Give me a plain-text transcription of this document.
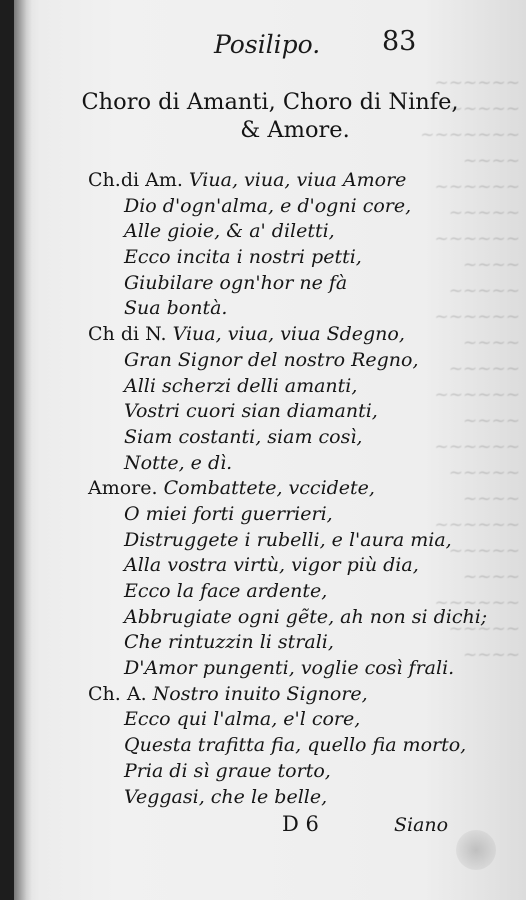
~~~~~~
~~~~~
~~~~~~~
~~~~
~~~~~~
~~~~~
~~~~~~
~~~~
~~~~~
~~~~~~
~~~~
~~~~~
~~~~~~
~~~~
~~~~~~
~~~~~
~~~~
~~~~~~
~~~~~
~~~~
~~~~~~
~~~~~
~~~~
Posilipo. 83
Choro di Amanti, Choro di Ninfe,
& Amore.
Ch.di Am. Viua, viua, viua Amore
Dio d'ogn'alma, e d'ogni core,
Alle gioie, & a' diletti,
Ecco incita i nostri petti,
Giubilare ogn'hor ne fà
Sua bontà.
Ch di N. Viua, viua, viua Sdegno,
Gran Signor del nostro Regno,
Alli scherzi delli amanti,
Vostri cuori sian diamanti,
Siam costanti, siam così,
Notte, e dì.
Amore. Combattete, vccidete,
O miei forti guerrieri,
Distruggete i rubelli, e l'aura mia,
Alla vostra virtù, vigor più dia,
Ecco la face ardente,
Abbrugiate ogni gẽte, ah non si dichi;
Che rintuzzin li strali,
D'Amor pungenti, voglie così frali.
Ch. A. Nostro inuito Signore,
Ecco qui l'alma, e'l core,
Questa trafitta fia, quello fia morto,
Pria di sì graue torto,
Veggasi, che le belle,
D 6	Siano
